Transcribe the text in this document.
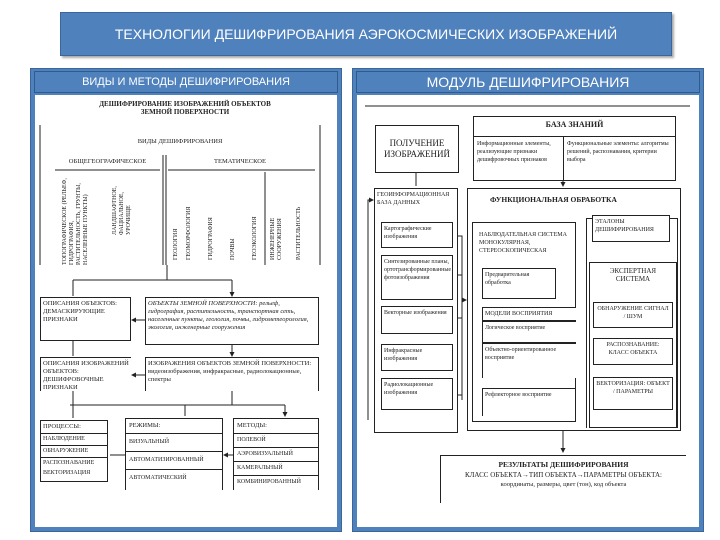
ТЕХНОЛОГИИ ДЕШИФРИРОВАНИЯ АЭРОКОСМИЧЕСКИХ ИЗОБРАЖЕНИЙ
ВИДЫ И МЕТОДЫ ДЕШИФРИРОВАНИЯ	МОДУЛЬ ДЕШИФРИРОВАНИЯ
ДЕШИФРИРОВАНИЕ ИЗОБРАЖЕНИЙ ОБЪЕКТОВ ЗЕМНОЙ ПОВЕРХНОСТИ
ВИДЫ ДЕШИФРИРОВАНИЯ
ОБЩЕГЕОГРАФИЧЕСКОЕ	ТЕМАТИЧЕСКОЕ
ТОПОГРАФИЧЕСКОЕ (РЕЛЬЕФ, ГИДРОГРАФИЯ, РАСТИТЕЛЬНОСТЬ, ГРУНТЫ, НАСЕЛЕННЫЕ ПУНКТЫ)	ЛАНДШАФТНОЕ, ФАЦИАЛЬНОЕ, УРОЧИЩЕ
ГЕОЛОГИЯ	ГЕОМОРФОЛОГИЯ	ГИДРОГРАФИЯ	ПОЧВЫ	ГЕОЭКОЛОГИЯ	ИНЖЕНЕРНЫЕ СООРУЖЕНИЯ	РАСТИТЕЛЬНОСТЬ
ОПИСАНИЯ ОБЪЕКТОВ: ДЕМАСКИРУЮЩИЕ ПРИЗНАКИ
ОБЪЕКТЫ ЗЕМНОЙ ПОВЕРХНОСТИ: рельеф, гидрография, растительность, транспортная сеть, населенные пункты, геология, почвы, гидрометеорология, экология, инженерные сооружения
ОПИСАНИЯ ИЗОБРАЖЕНИЙ ОБЪЕКТОВ: ДЕШИФРОВОЧНЫЕ ПРИЗНАКИ
ИЗОБРАЖЕНИЯ ОБЪЕКТОВ ЗЕМНОЙ ПОВЕРХНОСТИ: видеоизображения, инфракрасные, радиолокационные, спектры
ПРОЦЕССЫ:
НАБЛЮДЕНИЕ
ОБНАРУЖЕНИЕ
РАСПОЗНАВАНИЕ
ВЕКТОРИЗАЦИЯ
РЕЖИМЫ:
ВИЗУАЛЬНЫЙ
АВТОМАТИЗИРОВАННЫЙ
АВТОМАТИЧЕСКИЙ
МЕТОДЫ:
ПОЛЕВОЙ
АЭРОВИЗУАЛЬНЫЙ
КАМЕРАЛЬНЫЙ
КОМБИНИРОВАННЫЙ
ПОЛУЧЕНИЕ ИЗОБРАЖЕНИЙ
БАЗА ЗНАНИЙ
Информационные элементы, реализующие признаки дешифровочных признаков
Функциональные элементы: алгоритмы решений, распознавания, критерии выбора
ГЕОИНФОРМАЦИОННАЯ БАЗА ДАННЫХ
Картографические изображения
Синтезированные планы, ортотрансформированные фотоизображения
Векторные изображения
Инфракрасные изображения
Радиолокационные изображения
ФУНКЦИОНАЛЬНАЯ ОБРАБОТКА
НАБЛЮДАТЕЛЬНАЯ СИСТЕМА МОНОКУЛЯРНАЯ, СТЕРЕОСКОПИЧЕСКАЯ
Предварительная обработка
МОДЕЛИ ВОСПРИЯТИЯ
Логическое восприятие
Объектно-ориентированное восприятие
Рефлекторное восприятие
ЭТАЛОНЫ ДЕШИФРИРОВАНИЯ
ЭКСПЕРТНАЯ СИСТЕМА
ОБНАРУЖЕНИЕ СИГНАЛ / ШУМ
РАСПОЗНАВАНИЕ: КЛАСС ОБЪЕКТА
ВЕКТОРИЗАЦИЯ: ОБЪЕКТ / ПАРАМЕТРЫ
РЕЗУЛЬТАТЫ ДЕШИФРИРОВАНИЯ
КЛАСС ОБЪЕКТА→ТИП ОБЪЕКТА→ПАРАМЕТРЫ ОБЪЕКТА:
координаты, размеры, цвет (тон), код объекта
